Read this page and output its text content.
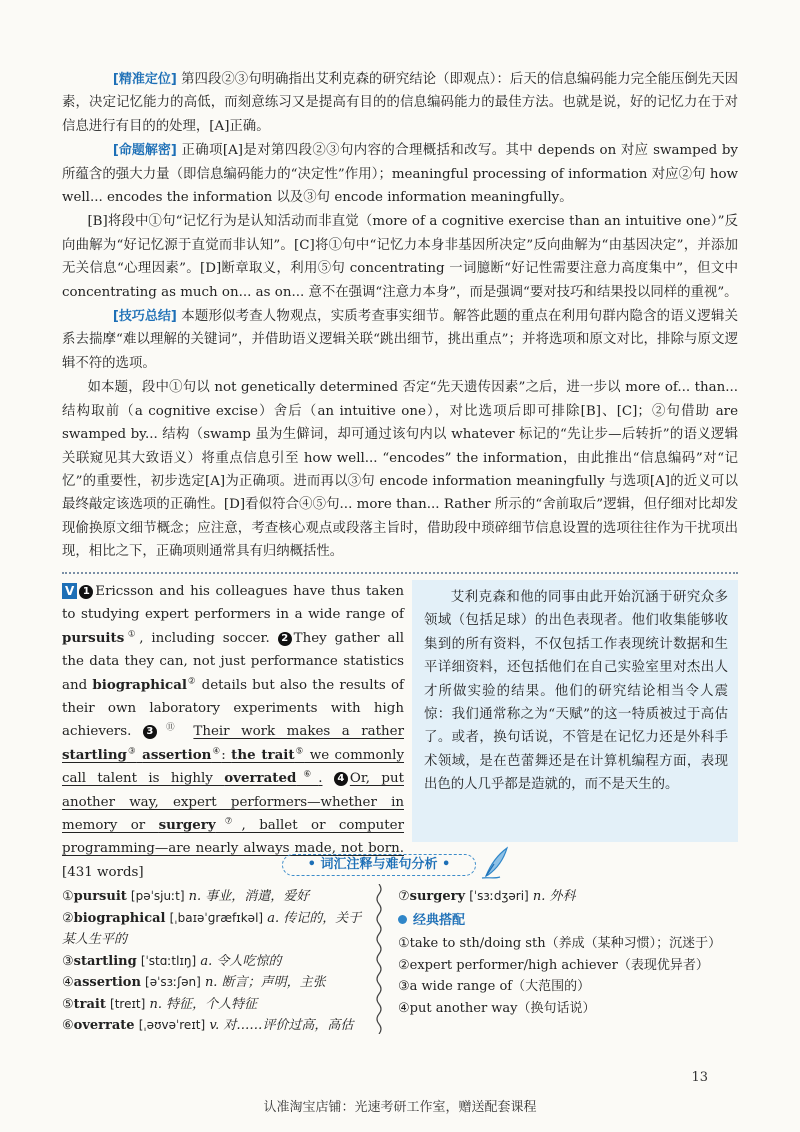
[ 精准定位 ] 第四段②③句明确指出艾利克森的研究结论（即观点）：后天的信息编码能力完全能压倒先天因素，决定记忆能力的高低，而刻意练习又是提高有目的的信息编码能力的最佳方法。也就是说，好的记忆力在于对信息进行有目的的处理，[A]正确。

[ 命题解密 ] 正确项[A]是对第四段②③句内容的合理概括和改写。其中 depends on 对应 swamped by 所蕴含的强大力量（即信息编码能力的“决定性”作用）；meaningful processing of information 对应②句 how well... encodes the information 以及③句 encode information meaningfully。

[B]将段中①句“记忆行为是认知活动而非直觉（more of a cognitive exercise than an intuitive one）”反向曲解为“好记忆源于直觉而非认知”。[C]将①句中“记忆力本身非基因所决定”反向曲解为“由基因决定”，并添加无关信息“心理因素”。[D]断章取义，利用⑤句 concentrating 一词臆断“好记性需要注意力高度集中”，但文中 concentrating as much on... as on... 意不在强调“注意力本身”，而是强调“要对技巧和结果投以同样的重视”。

[ 技巧总结 ] 本题形似考查人物观点，实质考查事实细节。解答此题的重点在利用句群内隐含的语义逻辑关系去揣摩“难以理解的关键词”，并借助语义逻辑关联“跳出细节，挑出重点”；并将选项和原文对比，排除与原文逻辑不符的选项。

如本题，段中①句以 not genetically determined 否定“先天遗传因素”之后，进一步以 more of... than... 结构取前（a cognitive excise）舍后（an intuitive one），对比选项后即可排除[B]、[C]；②句借助 are swamped by... 结构（swamp 虽为生僻词，却可通过该句内以 whatever 标记的“先让步—后转折”的语义逻辑关联窥见其大致语义）将重点信息引至 how well... “encodes” the information，由此推出“信息编码”对“记忆”的重要性，初步选定[A]为正确项。进而再以③句 encode information meaningfully 与选项[A]的近义可以最终敲定该选项的正确性。[D]看似符合④⑤句... more than... Rather 所示的“舍前取后”逻辑，但仔细对比却发现偷换原文细节概念；应注意，考查核心观点或段落主旨时，借助段中琐碎细节信息设置的选项往往作为干扰项出现，相比之下，正确项则通常具有归纳概括性。

V 1 Ericsson and his colleagues have thus taken to studying expert performers in a wide range of pursuits①, including soccer. 2 They gather all the data they can, not just performance statistics and biographical② details but also the results of their own laboratory experiments with high achievers. 3 ⑪ Their work makes a rather startling③ assertion④: the trait⑤ we commonly call talent is highly overrated⑥. 4 Or, put another way, expert performers—whether in memory or surgery⑦, ballet or computer programming—are nearly always made, not born.[431 words]

艾利克森和他的同事由此开始沉涵于研究众多领域（包括足球）的出色表现者。他们收集能够收集到的所有资料，不仅包括工作表现统计数据和生平详细资料，还包括他们在自己实验室里对杰出人才所做实验的结果。他们的研究结论相当令人震惊：我们通常称之为“天赋”的这一特质被过于高估了。或者，换句话说，不管是在记忆力还是外科手术领域，是在芭蕾舞还是在计算机编程方面，表现出色的人几乎都是造就的，而不是天生的。

• 词汇注释与难句分析 •
①pursuit [pəˈsjuːt] n. 事业，消遣，爱好
②biographical [ˌbaɪəˈɡræfɪkəl] a. 传记的，关于某人生平的
③startling [ˈstɑːtlɪŋ] a. 令人吃惊的
④assertion [əˈsɜːʃən] n. 断言；声明，主张
⑤trait [treɪt] n. 特征，个人特征
⑥overrate [ˌəʊvəˈreɪt] v. 对……评价过高，高估
⑦surgery [ˈsɜːdʒəri] n. 外科
经典搭配
①take to sth/doing sth（养成（某种习惯）；沉迷于）
②expert performer/high achiever（表现优异者）
③a wide range of（大范围的）
④put another way（换句话说）
13
认准淘宝店铺：光速考研工作室，赠送配套课程
